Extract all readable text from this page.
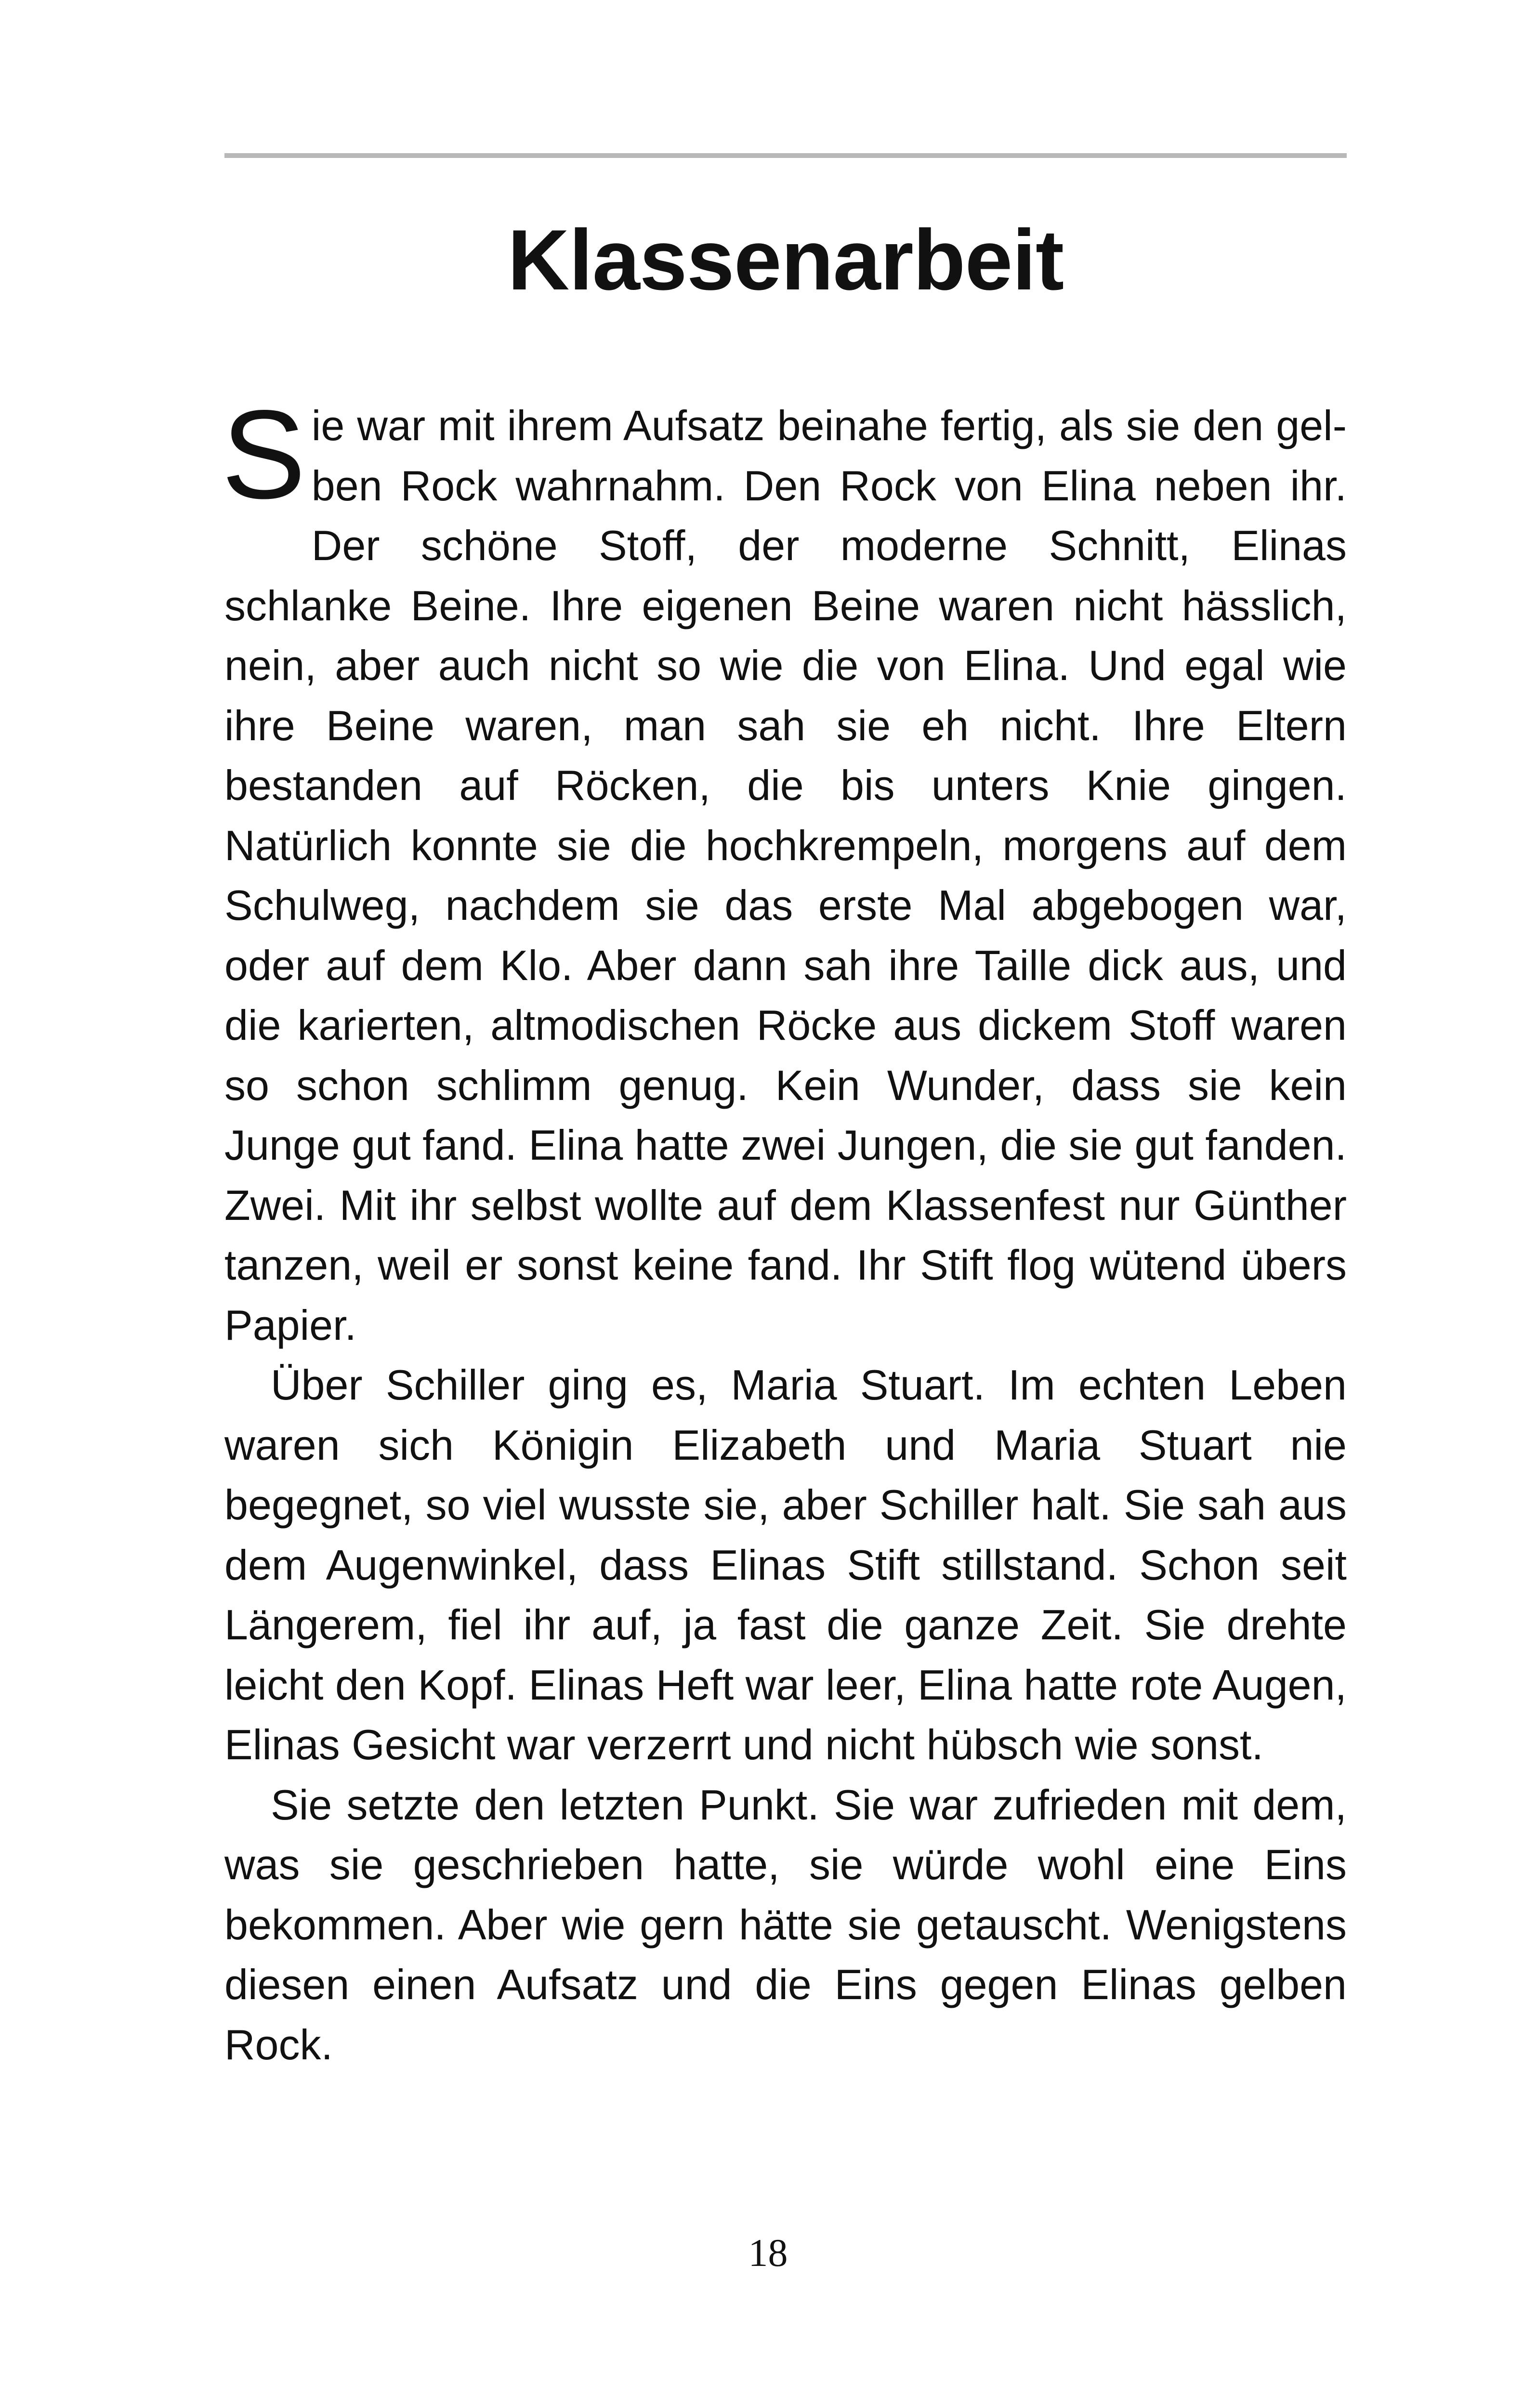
Klassenarbeit

Sie war mit ihrem Aufsatz beinahe fertig, als sie den gelben Rock wahrnahm. Den Rock von Elina neben ihr. Der schöne Stoff, der moderne Schnitt, Elinas schlanke Beine. Ihre eigenen Beine waren nicht hässlich, nein, aber auch nicht so wie die von Elina. Und egal wie ihre Beine waren, man sah sie eh nicht. Ihre Eltern bestanden auf Röcken, die bis unters Knie gingen. Natürlich konnte sie die hochkrempeln, morgens auf dem Schulweg, nachdem sie das erste Mal abgebogen war, oder auf dem Klo. Aber dann sah ihre Taille dick aus, und die karierten, altmodischen Röcke aus dickem Stoff waren so schon schlimm genug. Kein Wunder, dass sie kein Junge gut fand. Elina hatte zwei Jungen, die sie gut fanden. Zwei. Mit ihr selbst wollte auf dem Klassenfest nur Günther tanzen, weil er sonst keine fand. Ihr Stift flog wütend übers Papier.

Über Schiller ging es, Maria Stuart. Im echten Leben waren sich Königin Elizabeth und Maria Stuart nie begegnet, so viel wusste sie, aber Schiller halt. Sie sah aus dem Augenwinkel, dass Elinas Stift stillstand. Schon seit Längerem, fiel ihr auf, ja fast die ganze Zeit. Sie drehte leicht den Kopf. Elinas Heft war leer, Elina hatte rote Augen, Elinas Gesicht war verzerrt und nicht hübsch wie sonst.

Sie setzte den letzten Punkt. Sie war zufrieden mit dem, was sie geschrieben hatte, sie würde wohl eine Eins bekommen. Aber wie gern hätte sie getauscht. Wenigstens diesen einen Aufsatz und die Eins gegen Elinas gelben Rock.

18
